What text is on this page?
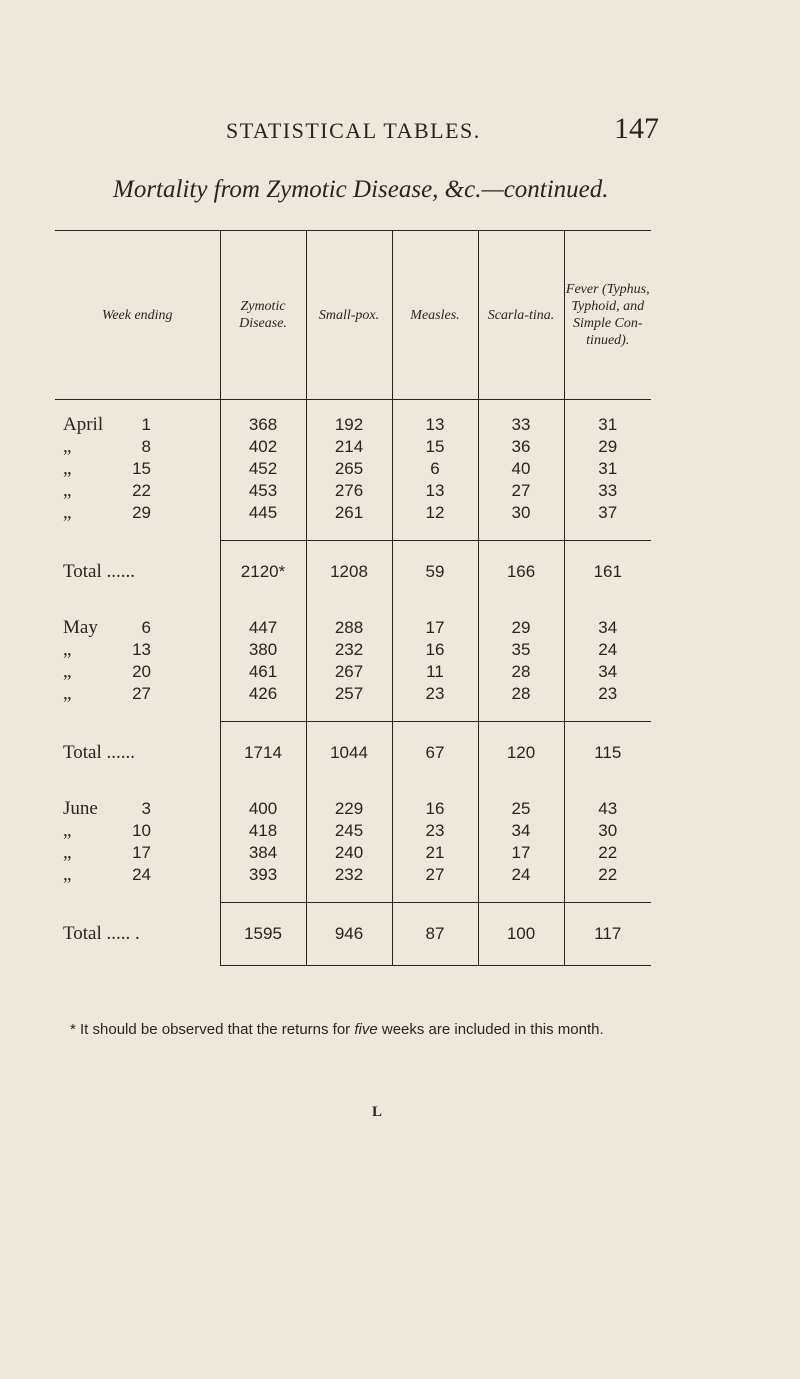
STATISTICAL TABLES.	147
Mortality from Zymotic Disease, &c.—continued.
Week ending	Zymotic Disease.	Small-pox.	Measles.	Scarla-tina.	Fever (Typhus, Typhoid, and Simple Con-tinued).

April 1	368	192	13	33	31
„ 8	402	214	15	36	29
„ 15	452	265	6	40	31
„ 22	453	276	13	27	33
„ 29	445	261	12	30	37

Total ......	2120*	1208	59	166	161

May 6	447	288	17	29	34
„ 13	380	232	16	35	24
„ 20	461	267	11	28	34
„ 27	426	257	23	28	23

Total ......	1714	1044	67	120	115

June 3	400	229	16	25	43
„ 10	418	245	23	34	30
„ 17	384	240	21	17	22
„ 24	393	232	27	24	22

Total ..... .	1595	946	87	100	117
* It should be observed that the returns for five weeks are included in this month.
L
